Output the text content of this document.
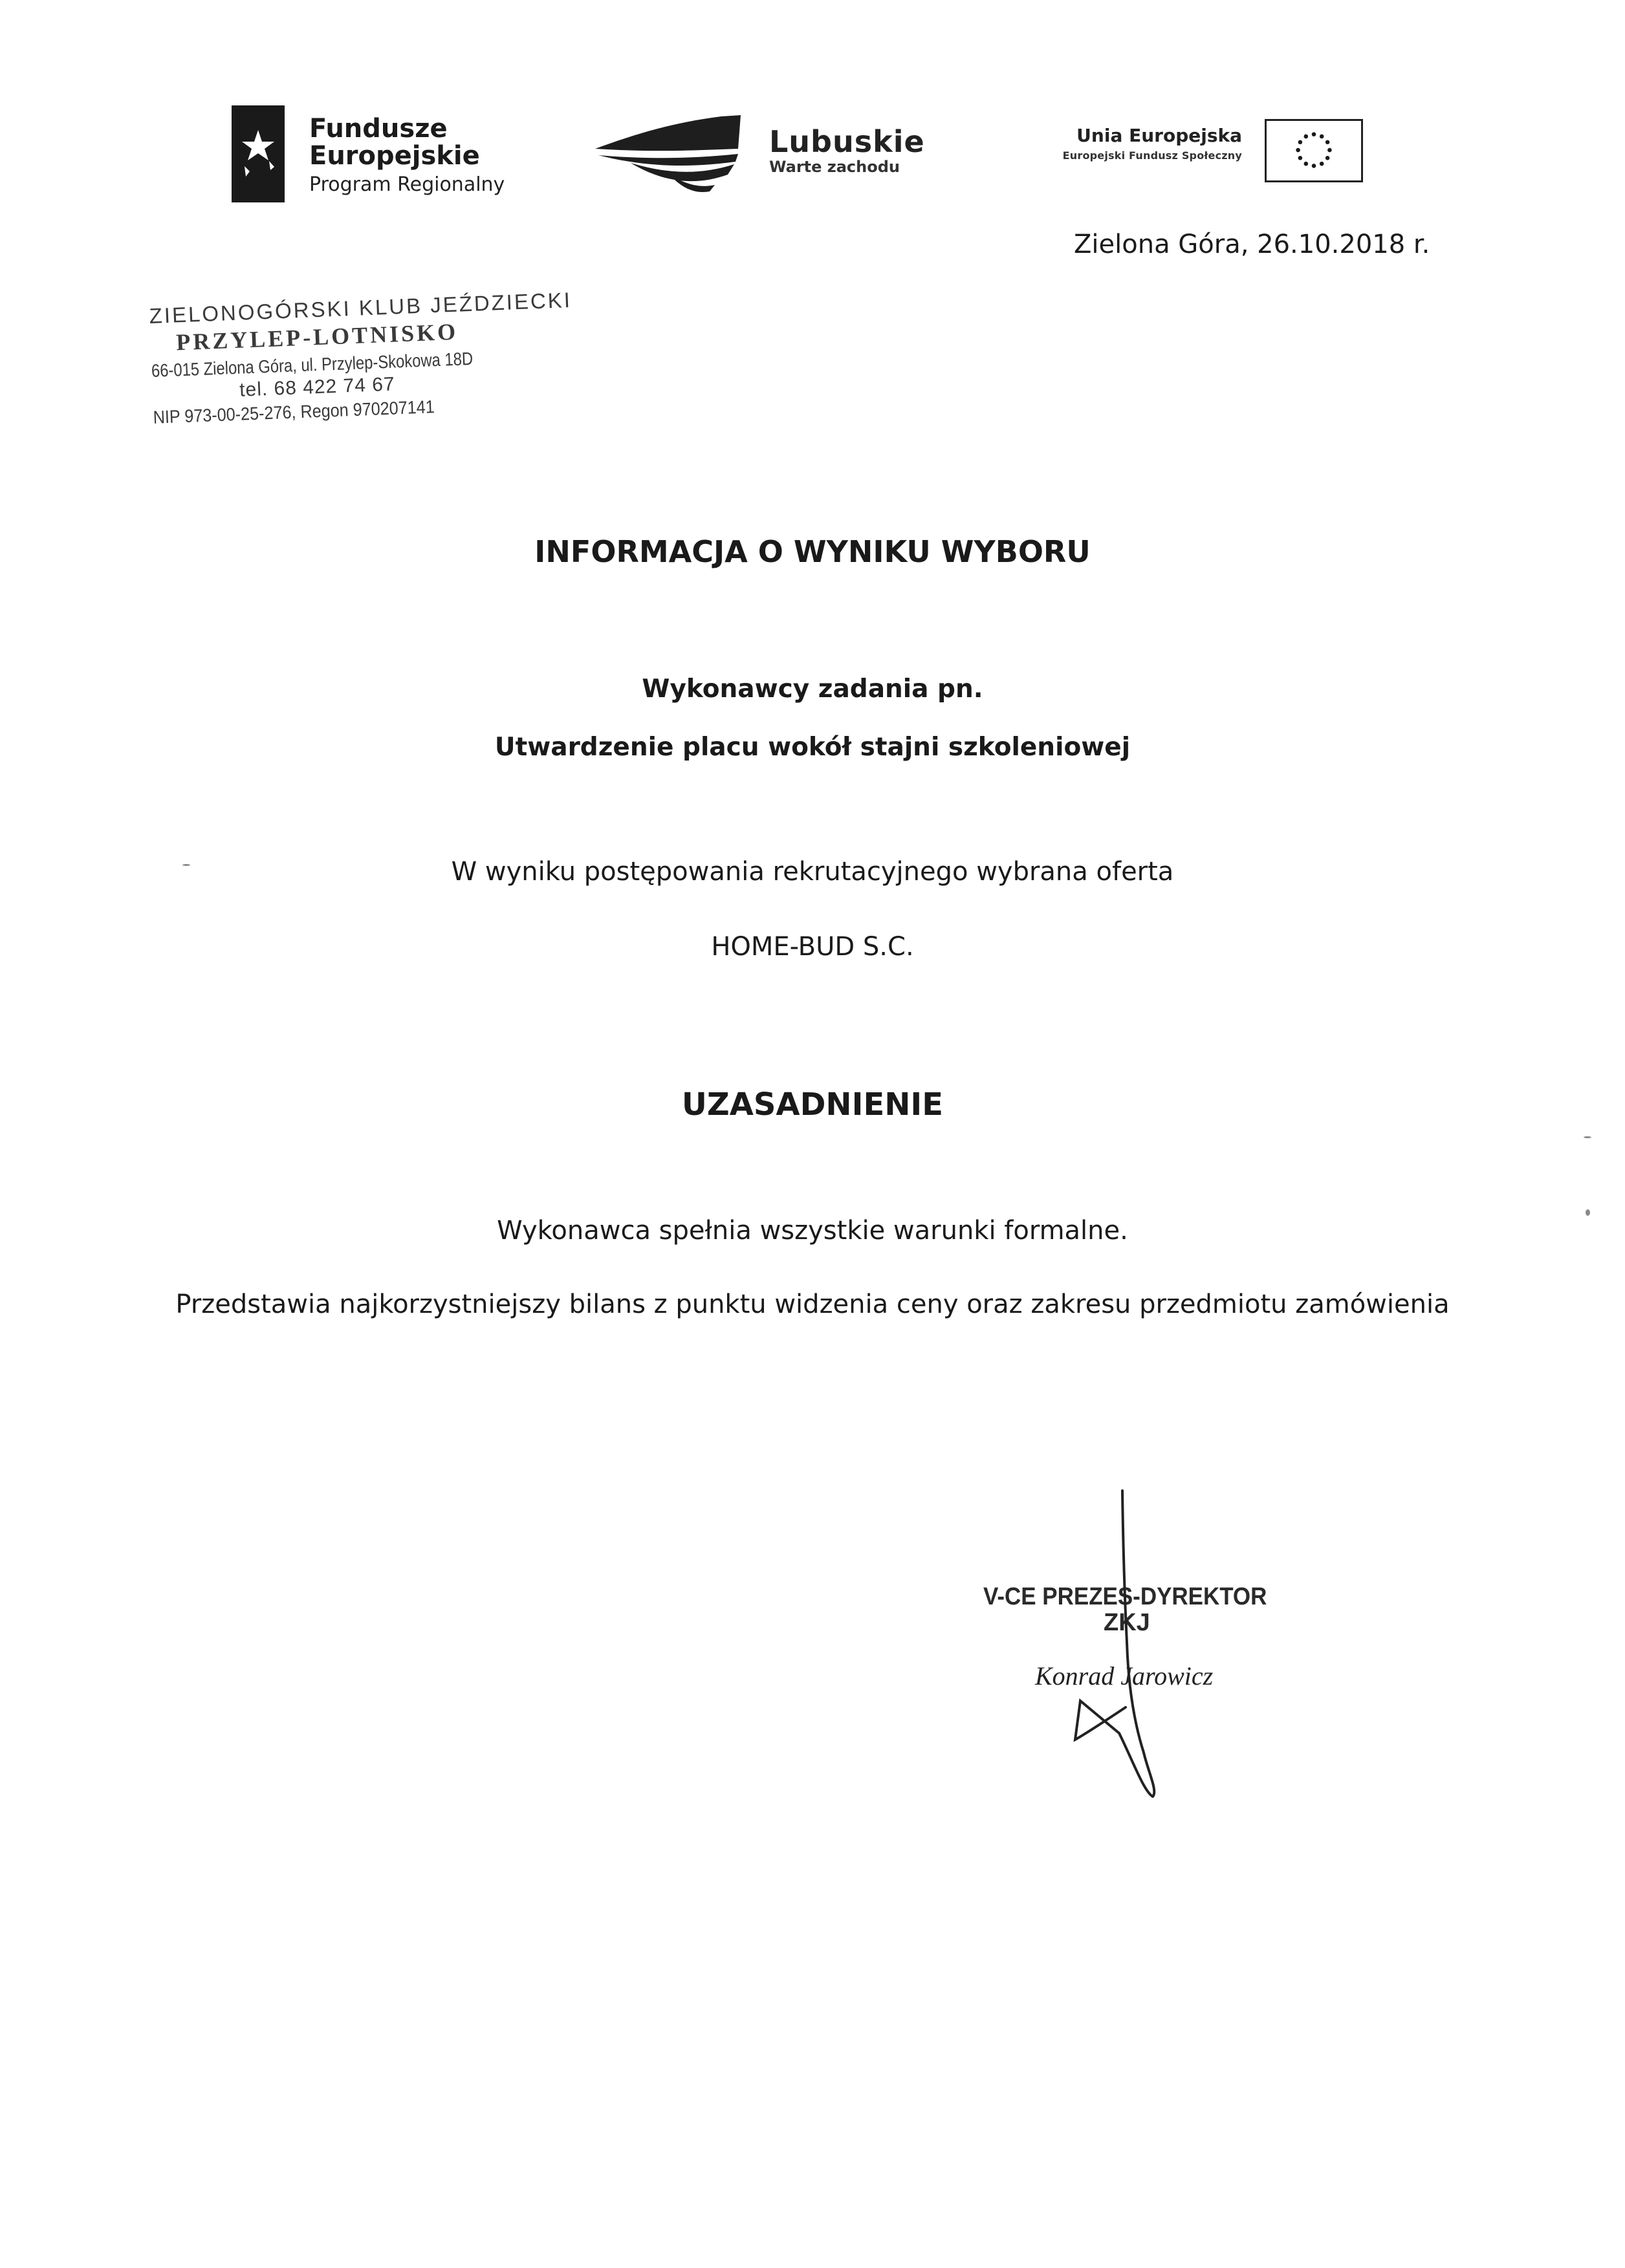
Fundusze
Europejskie
Program Regionalny
Lubuskie
Warte zachodu
Unia Europejska
Europejski Fundusz Społeczny
Zielona Góra, 26.10.2018 r.
ZIELONOGÓRSKI KLUB JEŹDZIECKI
PRZYLEP-LOTNISKO
66-015 Zielona Góra, ul. Przylep-Skokowa 18D
tel. 68 422 74 67
NIP 973-00-25-276, Regon 970207141
INFORMACJA O WYNIKU WYBORU
Wykonawcy zadania pn.
Utwardzenie placu wokół stajni szkoleniowej
W wyniku postępowania rekrutacyjnego wybrana oferta
HOME-BUD S.C.
UZASADNIENIE
Wykonawca spełnia wszystkie warunki formalne.
Przedstawia najkorzystniejszy bilans z punktu widzenia ceny oraz zakresu przedmiotu zamówienia
V-CE PREZES-DYREKTOR
ZKJ
Konrad Jarowicz
